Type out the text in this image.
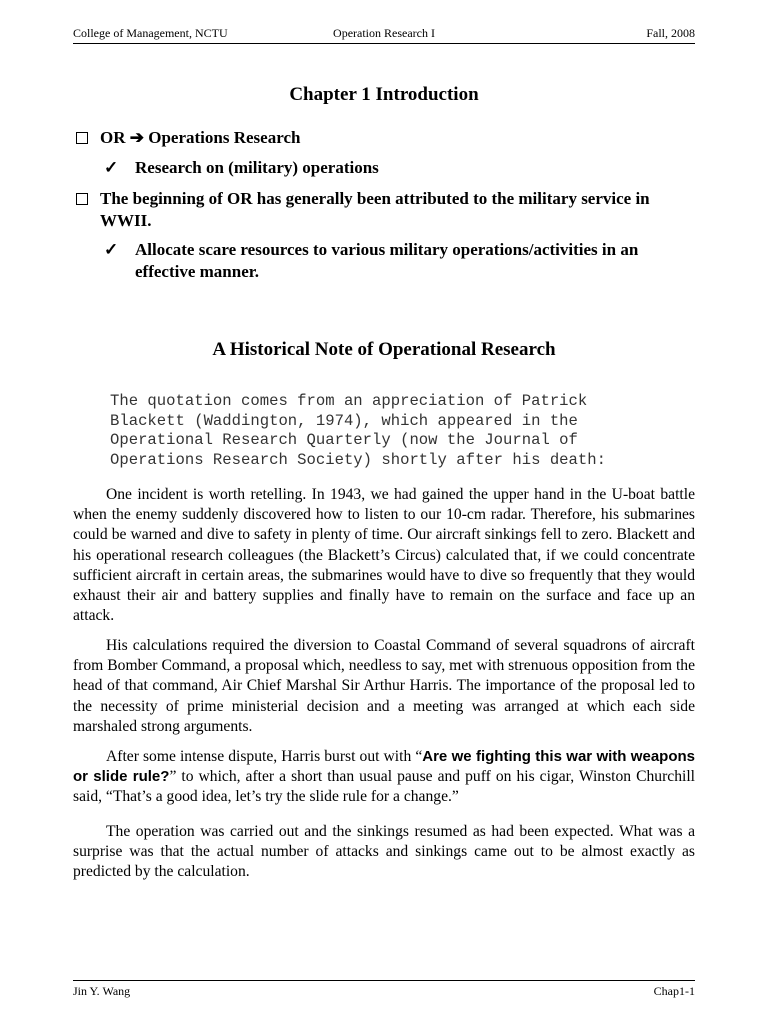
College of Management, NCTU	Operation Research I	Fall, 2008
Chapter 1 Introduction
OR ➔ Operations Research
✓ Research on (military) operations
The beginning of OR has generally been attributed to the military service in WWII.
✓ Allocate scare resources to various military operations/activities in an effective manner.
A Historical Note of Operational Research
The quotation comes from an appreciation of Patrick
Blackett (Waddington, 1974), which appeared in the
Operational Research Quarterly (now the Journal of
Operations Research Society) shortly after his death:
One incident is worth retelling. In 1943, we had gained the upper hand in the U-boat battle when the enemy suddenly discovered how to listen to our 10-cm radar. Therefore, his submarines could be warned and dive to safety in plenty of time. Our aircraft sinkings fell to zero. Blackett and his operational research colleagues (the Blackett’s Circus) calculated that, if we could concentrate sufficient aircraft in certain areas, the submarines would have to dive so frequently that they would exhaust their air and battery supplies and finally have to remain on the surface and face up an attack.
His calculations required the diversion to Coastal Command of several squadrons of aircraft from Bomber Command, a proposal which, needless to say, met with strenuous opposition from the head of that command, Air Chief Marshal Sir Arthur Harris. The importance of the proposal led to the necessity of prime ministerial decision and a meeting was arranged at which each side marshaled strong arguments.
After some intense dispute, Harris burst out with “Are we fighting this war with weapons or slide rule?” to which, after a short than usual pause and puff on his cigar, Winston Churchill said, “That’s a good idea, let’s try the slide rule for a change.”
The operation was carried out and the sinkings resumed as had been expected. What was a surprise was that the actual number of attacks and sinkings came out to be almost exactly as predicted by the calculation.
Jin Y. Wang	Chap1-1
